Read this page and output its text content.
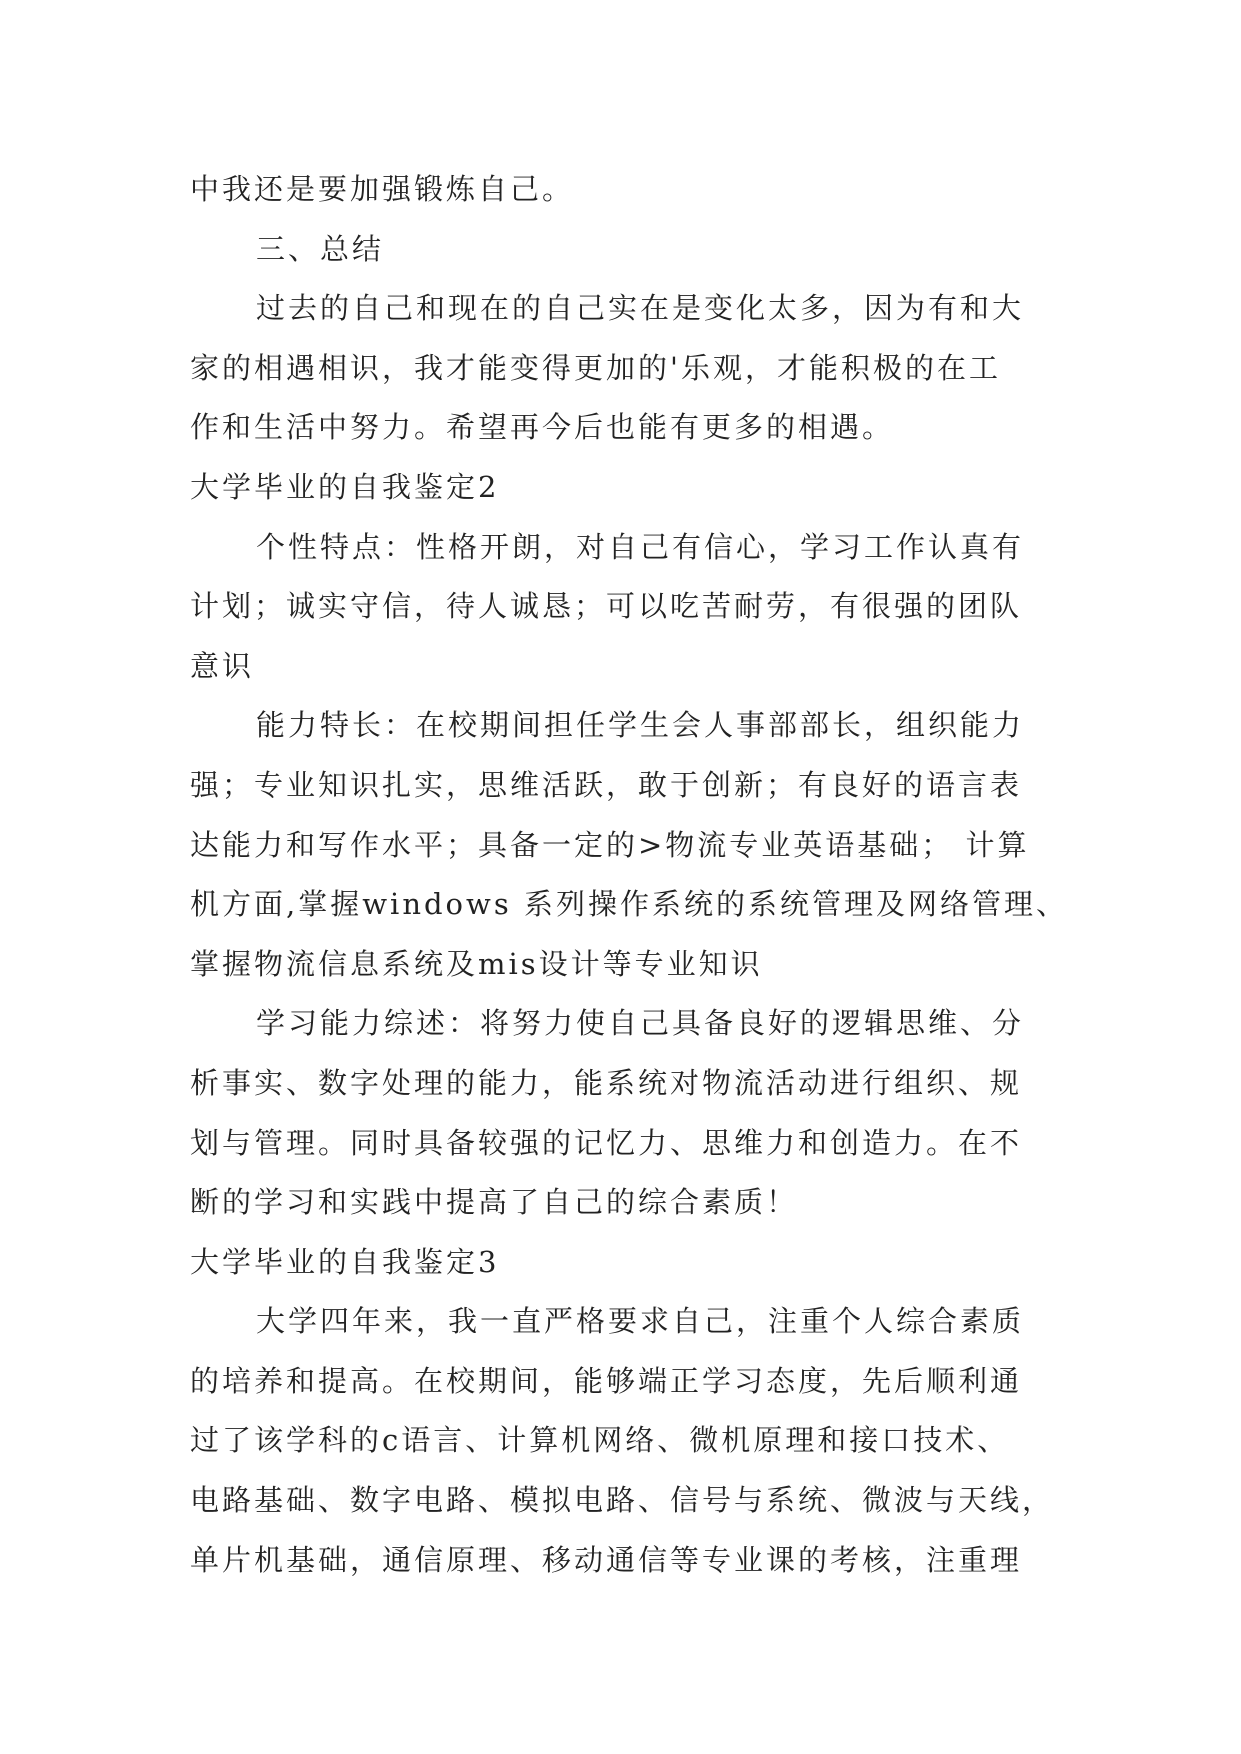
中我还是要加强锻炼自己。
三、总结
过去的自己和现在的自己实在是变化太多，因为有和大
家的相遇相识，我才能变得更加的'乐观，才能积极的在工
作和生活中努力。希望再今后也能有更多的相遇。
大学毕业的自我鉴定2
个性特点：性格开朗，对自己有信心，学习工作认真有
计划；诚实守信，待人诚恳；可以吃苦耐劳，有很强的团队
意识
能力特长：在校期间担任学生会人事部部长，组织能力
强；专业知识扎实，思维活跃，敢于创新；有良好的语言表
达能力和写作水平；具备一定的>物流专业英语基础； 计算
机方面,掌握windows 系列操作系统的系统管理及网络管理、
掌握物流信息系统及mis设计等专业知识
学习能力综述：将努力使自己具备良好的逻辑思维、分
析事实、数字处理的能力，能系统对物流活动进行组织、规
划与管理。同时具备较强的记忆力、思维力和创造力。在不
断的学习和实践中提高了自己的综合素质！
大学毕业的自我鉴定3
大学四年来，我一直严格要求自己，注重个人综合素质
的培养和提高。在校期间，能够端正学习态度，先后顺利通
过了该学科的c语言、计算机网络、微机原理和接口技术、
电路基础、数字电路、模拟电路、信号与系统、微波与天线，
单片机基础，通信原理、移动通信等专业课的考核，注重理
